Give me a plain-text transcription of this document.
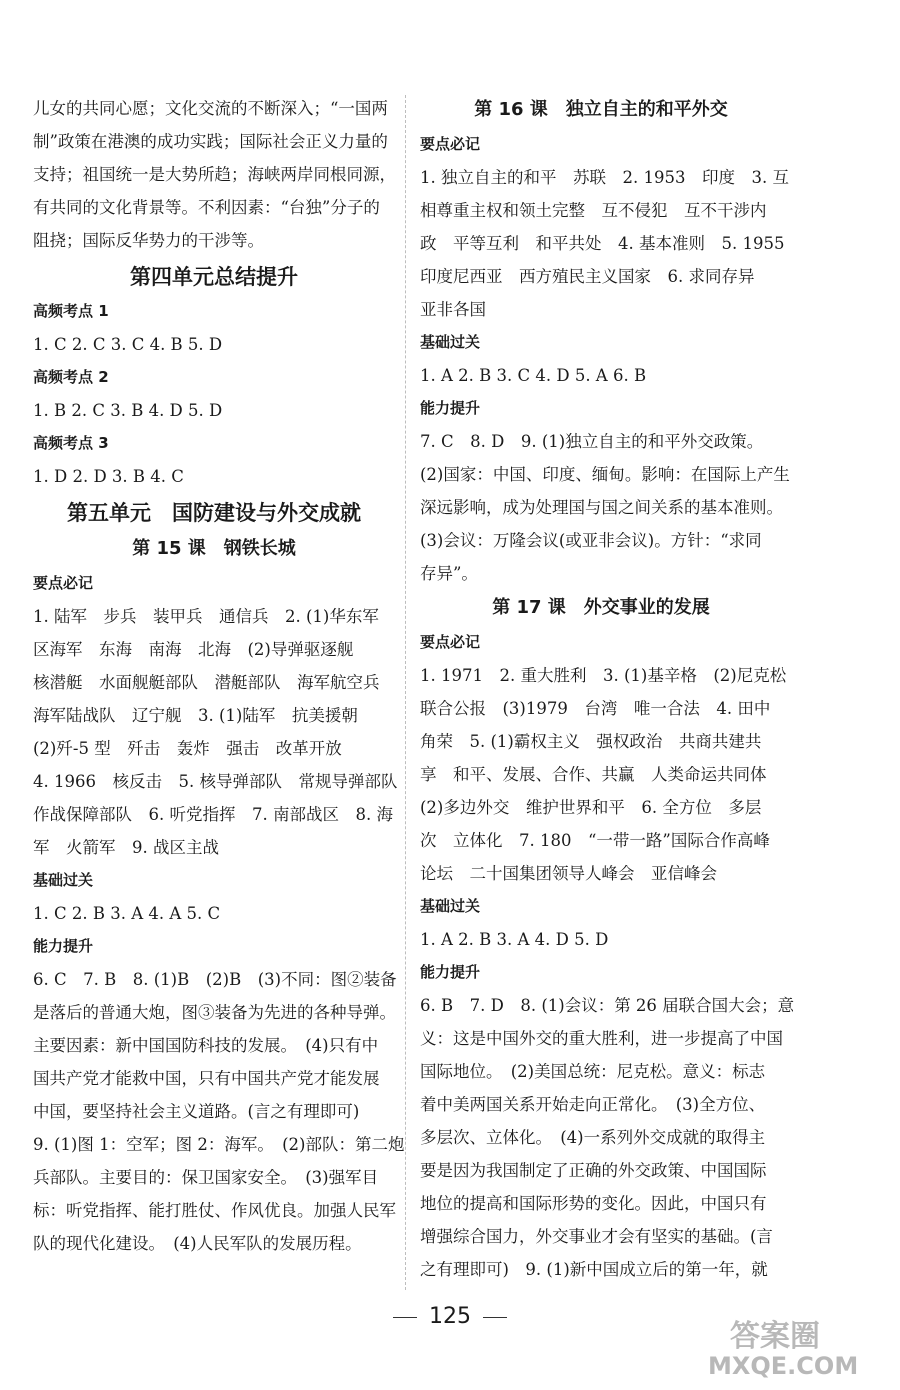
儿女的共同心愿；文化交流的不断深入；“一国两

制”政策在港澳的成功实践；国际社会正义力量的

支持；祖国统一是大势所趋；海峡两岸同根同源，

有共同的文化背景等。不利因素：“台独”分子的

阻挠；国际反华势力的干涉等。

第四单元总结提升
高频考点 1

1. C 2. C 3. C 4. B 5. D

高频考点 2

1. B 2. C 3. B 4. D 5. D

高频考点 3

1. D 2. D 3. B 4. C

第五单元　国防建设与外交成就
第 15 课　钢铁长城
要点必记

1. 陆军　步兵　装甲兵　通信兵　2. (1)华东军

区海军　东海　南海　北海　(2)导弹驱逐舰

核潜艇　水面舰艇部队　潜艇部队　海军航空兵

海军陆战队　辽宁舰　3. (1)陆军　抗美援朝

(2)歼-5 型　歼击　轰炸　强击　改革开放

4. 1966　核反击　5. 核导弹部队　常规导弹部队

作战保障部队　6. 听党指挥　7. 南部战区　8. 海

军　火箭军　9. 战区主战

基础过关

1. C 2. B 3. A 4. A 5. C

能力提升

6. C　7. B　8. (1)B　(2)B　(3)不同：图②装备

是落后的普通大炮，图③装备为先进的各种导弹。

主要因素：新中国国防科技的发展。　(4)只有中

国共产党才能救中国，只有中国共产党才能发展

中国，要坚持社会主义道路。(言之有理即可)

9. (1)图 1：空军；图 2：海军。　(2)部队：第二炮

兵部队。主要目的：保卫国家安全。　(3)强军目

标：听党指挥、能打胜仗、作风优良。加强人民军

队的现代化建设。　(4)人民军队的发展历程。

第 16 课　独立自主的和平外交
要点必记

1. 独立自主的和平　苏联　2. 1953　印度　3. 互

相尊重主权和领土完整　互不侵犯　互不干涉内

政　平等互利　和平共处　4. 基本准则　5. 1955

印度尼西亚　西方殖民主义国家　6. 求同存异

亚非各国

基础过关

1. A 2. B 3. C 4. D 5. A 6. B

能力提升

7. C　8. D　9. (1)独立自主的和平外交政策。

(2)国家：中国、印度、缅甸。影响：在国际上产生

深远影响，成为处理国与国之间关系的基本准则。

(3)会议：万隆会议(或亚非会议)。方针：“求同

存异”。

第 17 课　外交事业的发展
要点必记

1. 1971　2. 重大胜利　3. (1)基辛格　(2)尼克松

联合公报　(3)1979　台湾　唯一合法　4. 田中

角荣　5. (1)霸权主义　强权政治　共商共建共

享　和平、发展、合作、共赢　人类命运共同体

(2)多边外交　维护世界和平　6. 全方位　多层

次　立体化　7. 180　“一带一路”国际合作高峰

论坛　二十国集团领导人峰会　亚信峰会

基础过关

1. A 2. B 3. A 4. D 5. D

能力提升

6. B　7. D　8. (1)会议：第 26 届联合国大会；意

义：这是中国外交的重大胜利，进一步提高了中国

国际地位。　(2)美国总统：尼克松。意义：标志

着中美两国关系开始走向正常化。　(3)全方位、

多层次、立体化。　(4)一系列外交成就的取得主

要是因为我国制定了正确的外交政策、中国国际

地位的提高和国际形势的变化。因此，中国只有

增强综合国力，外交事业才会有坚实的基础。(言

之有理即可)　9. (1)新中国成立后的第一年，就

125
答案圈
MXQE.COM
